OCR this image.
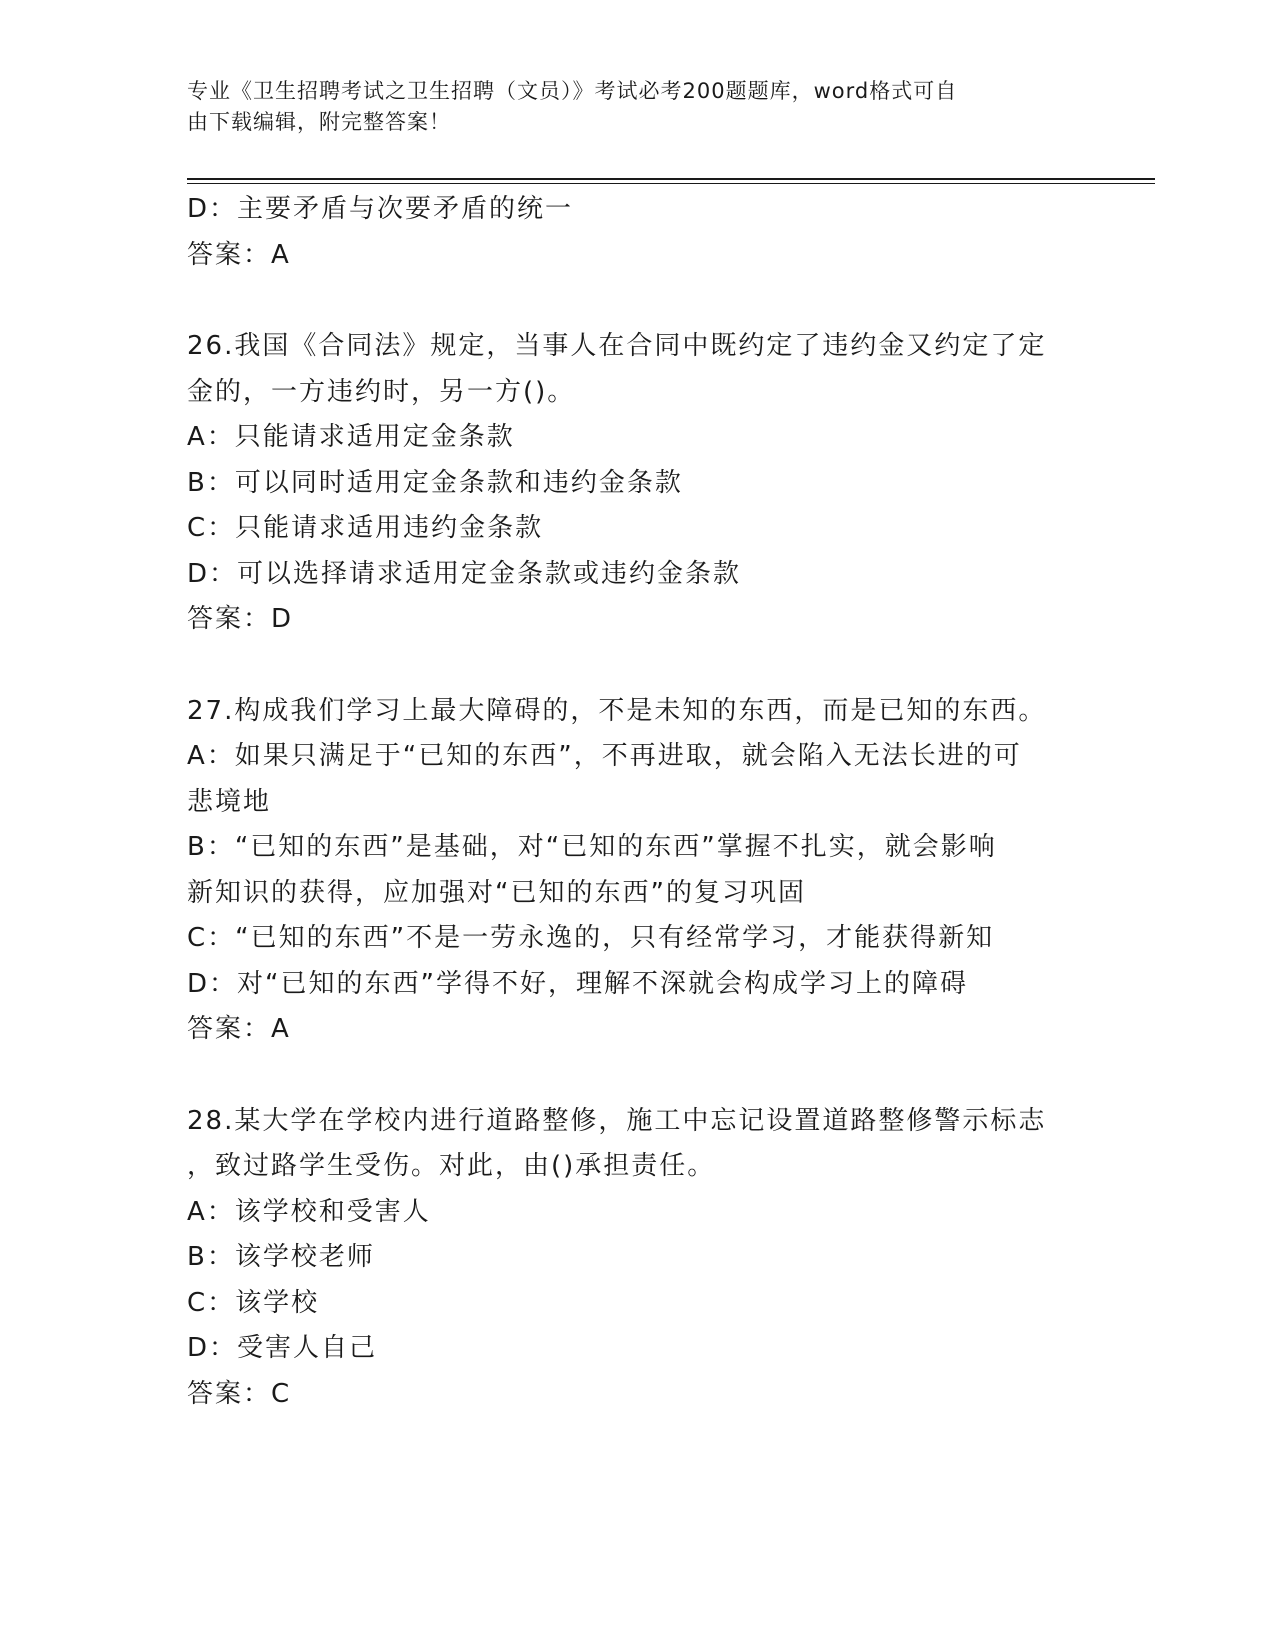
专业《卫生招聘考试之卫生招聘（文员）》考试必考200题题库，word格式可自
由下载编辑，附完整答案！
D：主要矛盾与次要矛盾的统一
答案：A
26.我国《合同法》规定，当事人在合同中既约定了违约金又约定了定
金的，一方违约时，另一方()。
A：只能请求适用定金条款
B：可以同时适用定金条款和违约金条款
C：只能请求适用违约金条款
D：可以选择请求适用定金条款或违约金条款
答案：D
27.构成我们学习上最大障碍的，不是未知的东西，而是已知的东西。
A：如果只满足于“已知的东西”，不再进取，就会陷入无法长进的可
悲境地
B：“已知的东西”是基础，对“已知的东西”掌握不扎实，就会影响
新知识的获得，应加强对“已知的东西”的复习巩固
C：“已知的东西”不是一劳永逸的，只有经常学习，才能获得新知
D：对“已知的东西”学得不好，理解不深就会构成学习上的障碍
答案：A
28.某大学在学校内进行道路整修，施工中忘记设置道路整修警示标志
，致过路学生受伤。对此，由()承担责任。
A：该学校和受害人
B：该学校老师
C：该学校
D：受害人自己
答案：C
